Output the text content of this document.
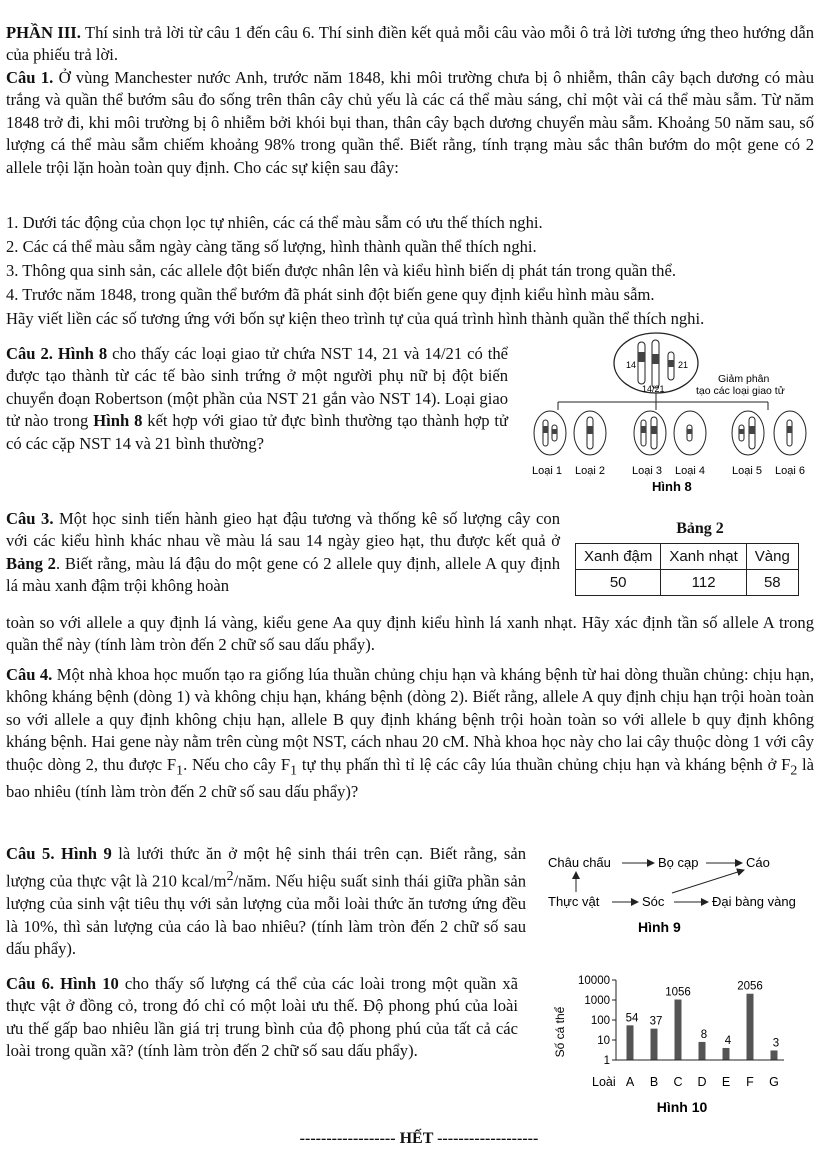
PHẦN III. Thí sinh trả lời từ câu 1 đến câu 6. Thí sinh điền kết quả mỗi câu vào mỗi ô trả lời tương ứng theo hướng dẫn của phiếu trả lời.

Câu 1. Ở vùng Manchester nước Anh, trước năm 1848, khi môi trường chưa bị ô nhiễm, thân cây bạch dương có màu trắng và quần thể bướm sâu đo sống trên thân cây chủ yếu là các cá thể màu sáng, chỉ một vài cá thể màu sẫm. Từ năm 1848 trở đi, khi môi trường bị ô nhiễm bởi khói bụi than, thân cây bạch dương chuyển màu sẫm. Khoảng 50 năm sau, số lượng cá thể màu sẫm chiếm khoảng 98% trong quần thể. Biết rằng, tính trạng màu sắc thân bướm do một gene có 2 allele trội lặn hoàn toàn quy định. Cho các sự kiện sau đây:

1. Dưới tác động của chọn lọc tự nhiên, các cá thể màu sẫm có ưu thế thích nghi.

2. Các cá thể màu sẫm ngày càng tăng số lượng, hình thành quần thể thích nghi.

3. Thông qua sinh sản, các allele đột biến được nhân lên và kiểu hình biến dị phát tán trong quần thể.

4. Trước năm 1848, trong quần thể bướm đã phát sinh đột biến gene quy định kiểu hình màu sẫm.

Hãy viết liền các số tương ứng với bốn sự kiện theo trình tự của quá trình hình thành quần thể thích nghi.

Câu 2. Hình 8 cho thấy các loại giao tử chứa NST 14, 21 và 14/21 có thể được tạo thành từ các tế bào sinh trứng ở một người phụ nữ bị đột biến chuyển đoạn Robertson (một phần của NST 21 gắn vào NST 14). Loại giao tử nào trong Hình 8 kết hợp với giao tử đực bình thường tạo thành hợp tử có các cặp NST 14 và 21 bình thường?

14	21
14/21
Giảm phân
tạo các loại giao tử
Loại 1 Loại 2 Loại 3 Loại 4 Loại 5 Loại 6
Hình 8

Câu 3. Một học sinh tiến hành gieo hạt đậu tương và thống kê số lượng cây con với các kiểu hình khác nhau về màu lá sau 14 ngày gieo hạt, thu được kết quả ở Bảng 2. Biết rằng, màu lá đậu do một gene có 2 allele quy định, allele A quy định lá màu xanh đậm trội không hoàn

Bảng 2
Xanh đậm	Xanh nhạt	Vàng
50	112	58

Câu 4. Một nhà khoa học muốn tạo ra giống lúa thuần chủng chịu hạn và kháng bệnh từ hai dòng thuần chủng: chịu hạn, không kháng bệnh (dòng 1) và không chịu hạn, kháng bệnh (dòng 2). Biết rằng, allele A quy định chịu hạn trội hoàn toàn so với allele a quy định không chịu hạn, allele B quy định kháng bệnh trội hoàn toàn so với allele b quy định không kháng bệnh. Hai gene này nằm trên cùng một NST, cách nhau 20 cM. Nhà khoa học này cho lai cây thuộc dòng 1 với cây thuộc dòng 2, thu được $F_1$. Nếu cho cây $F_1$ tự thụ phấn thì tỉ lệ các cây lúa thuần chủng chịu hạn và kháng bệnh ở $F_2$ là bao nhiêu (tính làm tròn đến 2 chữ số sau dấu phẩy)?

Câu 5. Hình 9 là lưới thức ăn ở một hệ sinh thái trên cạn. Biết rằng, sản lượng của thực vật là 210 kcal/$m^2$/năm. Nếu hiệu suất sinh thái giữa phần sản lượng của sinh vật tiêu thụ với sản lượng của mỗi loài thức ăn tương ứng đều là 10%, thì sản lượng của cáo là bao nhiêu? (tính làm tròn đến 2 chữ số sau dấu phẩy).

Châu chấu	Bọ cạp	Cáo
Thực vật	Sóc	Đại bàng vàng
Hình 9

Câu 6. Hình 10 cho thấy số lượng cá thể của các loài trong một quần xã thực vật ở đồng cỏ, trong đó chỉ có một loài ưu thế. Độ phong phú của loài ưu thế gấp bao nhiêu lần giá trị trung bình của độ phong phú của tất cả các loài trong quần xã? (tính làm tròn đến 2 chữ số sau dấu phẩy).

10000
1000
100
10
1
54 37
1056
8
4
2056
3
A B C D E F G
Số cá thể
Loài
Hình 10
------------------ HẾT -------------------

toàn so với allele a quy định lá vàng, kiểu gene Aa quy định kiểu hình lá xanh nhạt. Hãy xác định tần số allele A trong quần thể này (tính làm tròn đến 2 chữ số sau dấu phẩy).
